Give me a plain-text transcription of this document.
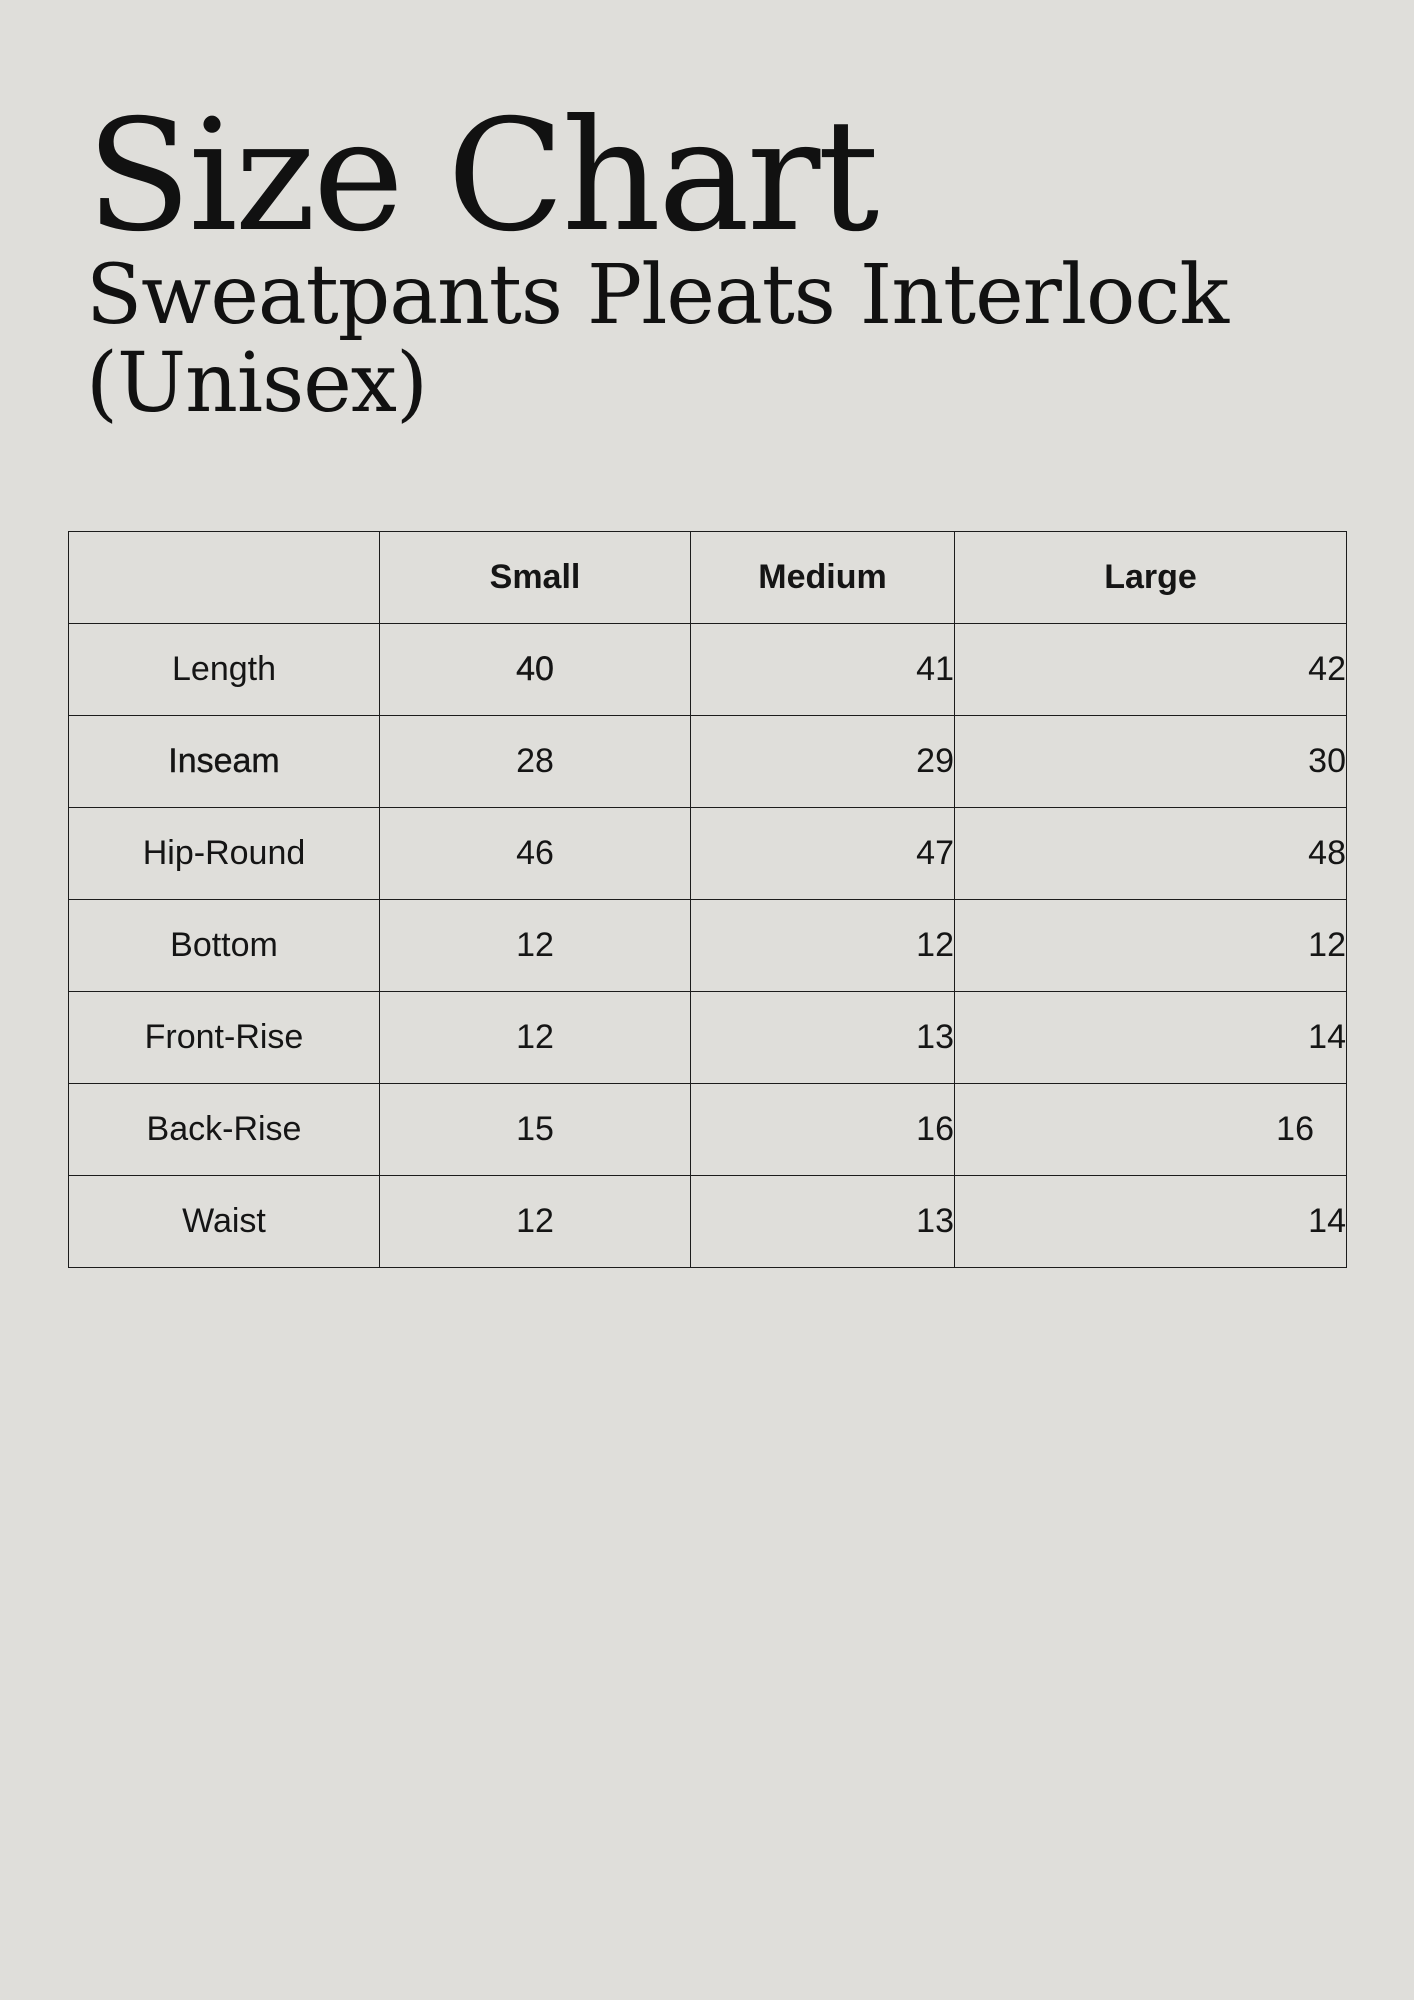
Size Chart
Sweatpants Pleats Interlock (Unisex)
	Small	Medium	Large
Length	40	41	42
Inseam	28	29	30
Hip-Round	46	47	48
Bottom	12	12	12
Front-Rise	12	13	14
Back-Rise	15	16	16
Waist	12	13	14
